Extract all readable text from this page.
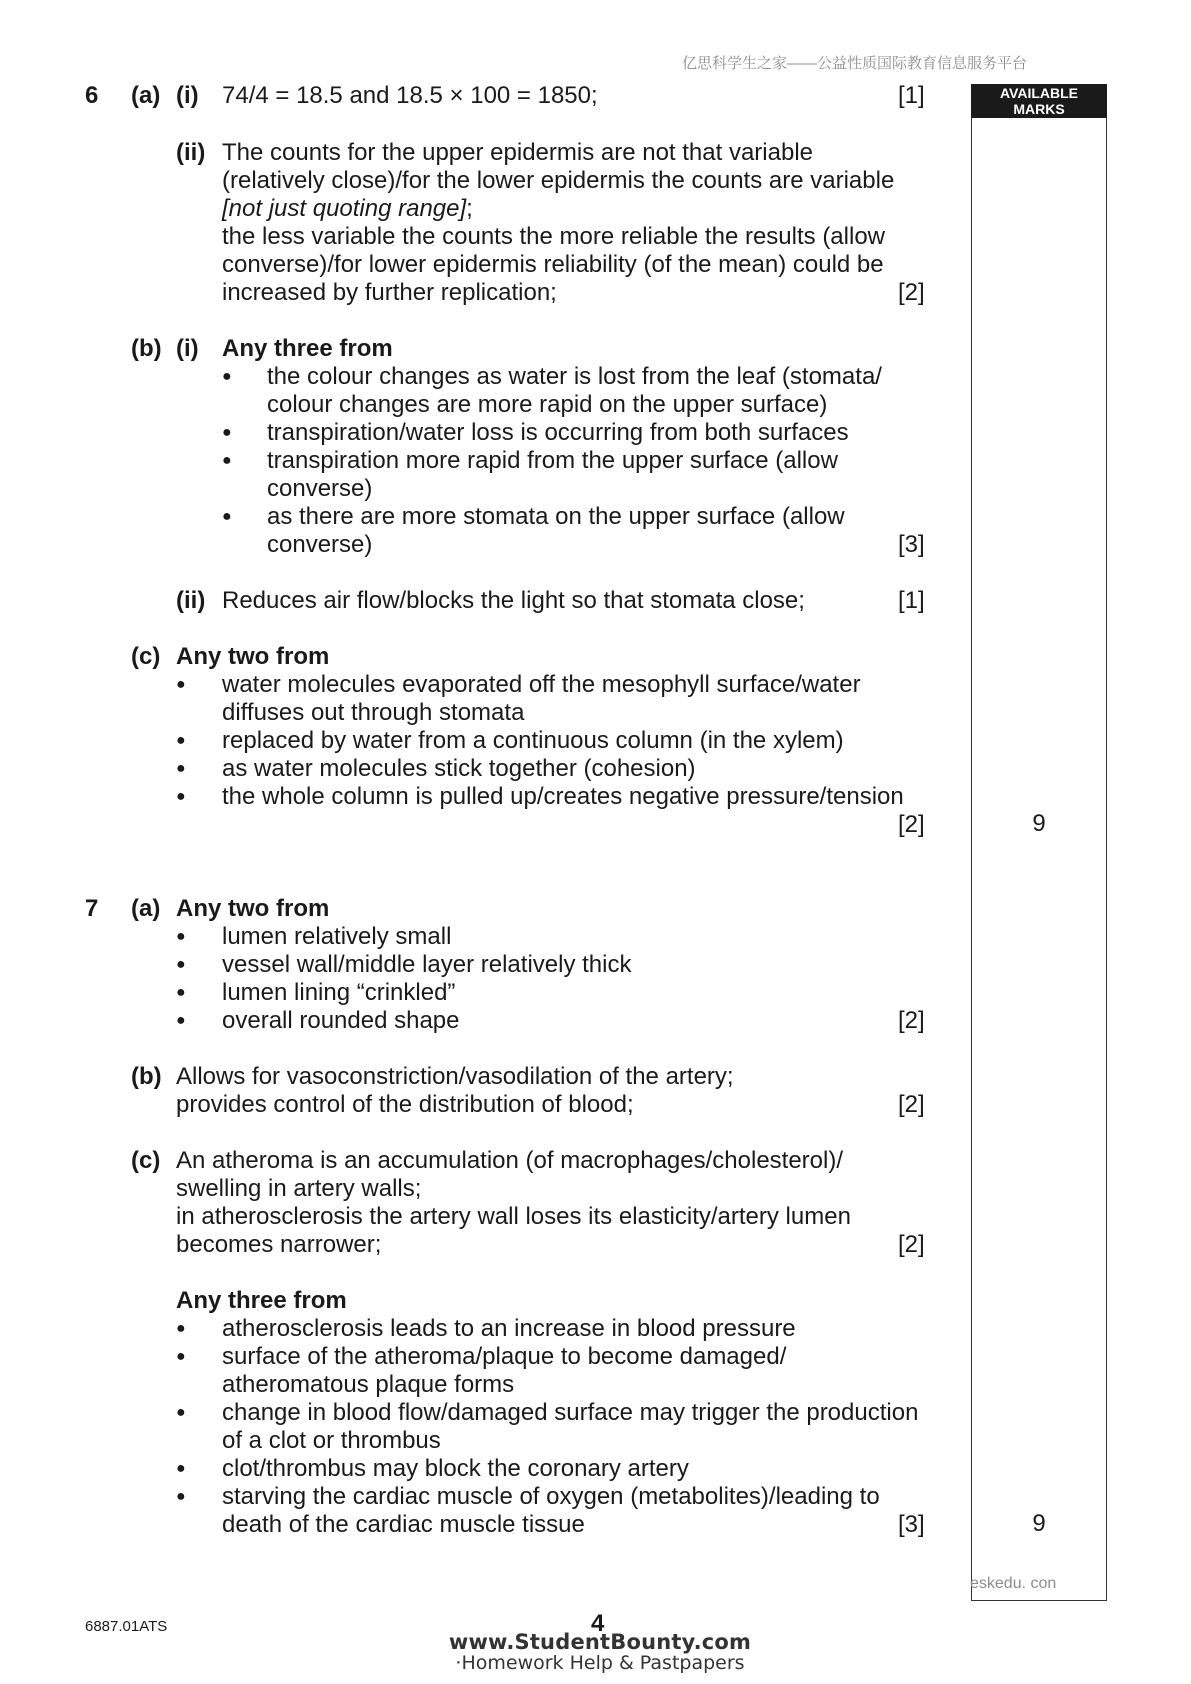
亿思科学生之家——公益性质国际教育信息服务平台
AVAILABLE
MARKS
6 (a) (i) 74/4 = 18.5 and 18.5 × 100 = 1850;	[1]
(ii) The counts for the upper epidermis are not that variable
(relatively close)/for the lower epidermis the counts are variable
[not just quoting range];
the less variable the counts the more reliable the results (allow
converse)/for lower epidermis reliability (of the mean) could be
increased by further replication;	[2]
(b) (i) Any three from
● the colour changes as water is lost from the leaf (stomata/
colour changes are more rapid on the upper surface)
● transpiration/water loss is occurring from both surfaces
● transpiration more rapid from the upper surface (allow
converse)
● as there are more stomata on the upper surface (allow
converse)	[3]
(ii) Reduces air flow/blocks the light so that stomata close;	[1]
(c) Any two from
● water molecules evaporated off the mesophyll surface/water
diffuses out through stomata
● replaced by water from a continuous column (in the xylem)
● as water molecules stick together (cohesion)
● the whole column is pulled up/creates negative pressure/tension
[2]	9
7 (a) Any two from
● lumen relatively small
● vessel wall/middle layer relatively thick
● lumen lining “crinkled”
● overall rounded shape	[2]
(b) Allows for vasoconstriction/vasodilation of the artery;
provides control of the distribution of blood;	[2]
(c) An atheroma is an accumulation (of macrophages/cholesterol)/
swelling in artery walls;
in atherosclerosis the artery wall loses its elasticity/artery lumen
becomes narrower;	[2]
Any three from
● atherosclerosis leads to an increase in blood pressure
● surface of the atheroma/plaque to become damaged/
atheromatous plaque forms
● change in blood flow/damaged surface may trigger the production
of a clot or thrombus
● clot/thrombus may block the coronary artery
● starving the cardiac muscle of oxygen (metabolites)/leading to
death of the cardiac muscle tissue	[3]	9
eskedu. con
6887.01ATS	4
www.StudentBounty.com
·Homework Help & Pastpapers
